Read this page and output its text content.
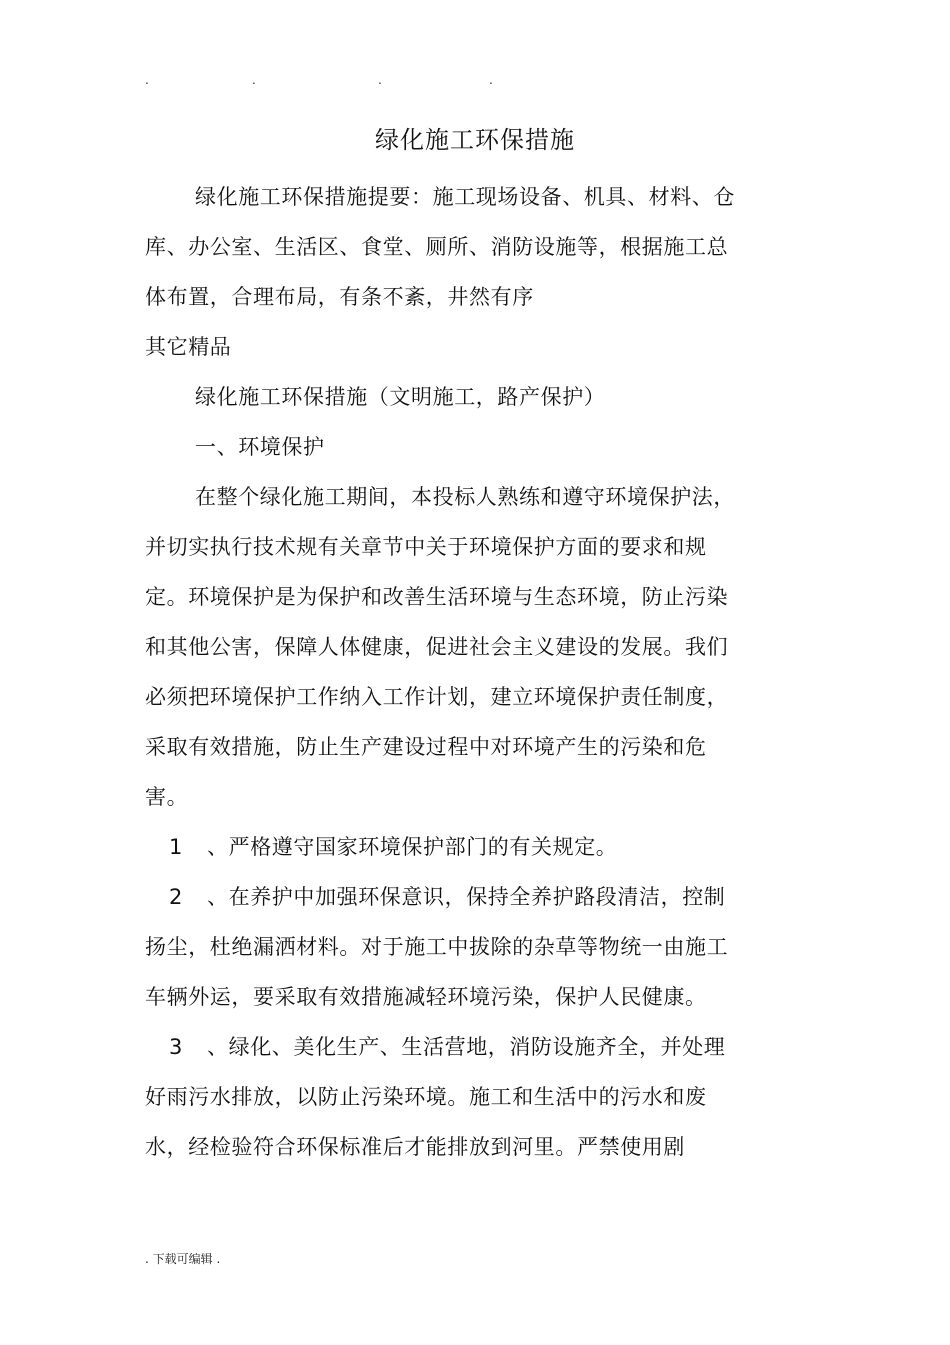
.	.	.	.
绿化施工环保措施

绿化施工环保措施提要：施工现场设备、机具、材料、仓库、办公室、生活区、食堂、厕所、消防设施等，根据施工总体布置，合理布局，有条不紊，井然有序

其它精品

绿化施工环保措施（文明施工，路产保护）

一、环境保护

在整个绿化施工期间，本投标人熟练和遵守环境保护法，并切实执行技术规有关章节中关于环境保护方面的要求和规定。环境保护是为保护和改善生活环境与生态环境，防止污染和其他公害，保障人体健康，促进社会主义建设的发展。我们必须把环境保护工作纳入工作计划，建立环境保护责任制度，采取有效措施，防止生产建设过程中对环境产生的污染和危害。

1 、严格遵守国家环境保护部门的有关规定。

2 、在养护中加强环保意识，保持全养护路段清洁，控制扬尘，杜绝漏洒材料。对于施工中拔除的杂草等物统一由施工车辆外运，要采取有效措施减轻环境污染，保护人民健康。

3 、绿化、美化生产、生活营地，消防设施齐全，并处理好雨污水排放，以防止污染环境。施工和生活中的污水和废水，经检验符合环保标准后才能排放到河里。严禁使用剧

. 下载可编辑 .
